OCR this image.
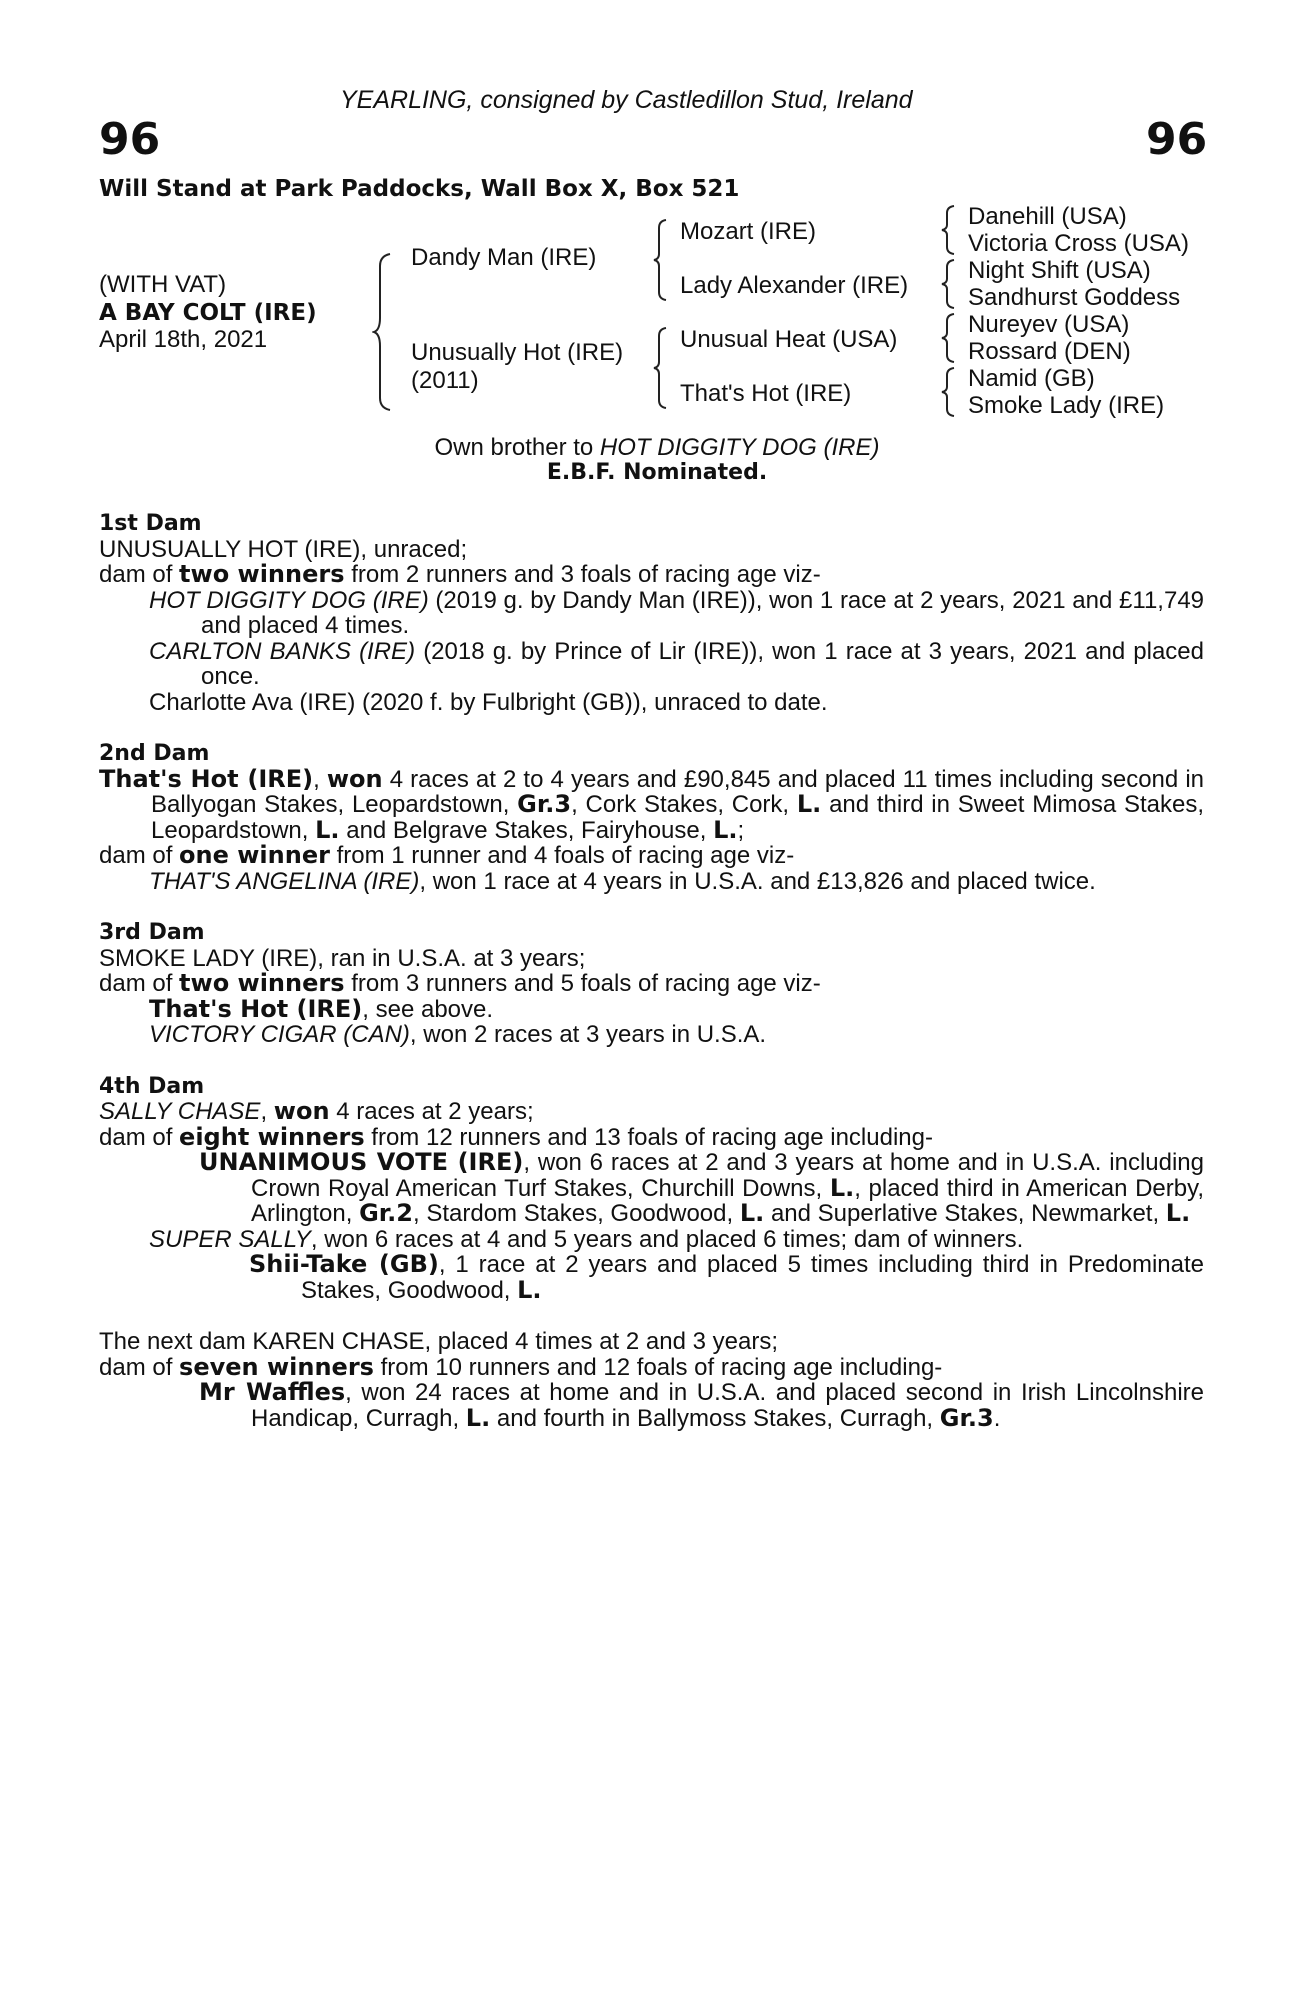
YEARLING, consigned by Castledillon Stud, Ireland
96	96
Will Stand at Park Paddocks, Wall Box X, Box 521
(WITH VAT)
A BAY COLT (IRE)
April 18th, 2021
Dandy Man (IRE)
Unusually Hot (IRE)
(2011)
Mozart (IRE)
Lady Alexander (IRE)
Unusual Heat (USA)
That's Hot (IRE)
Danehill (USA)
Victoria Cross (USA)
Night Shift (USA)
Sandhurst Goddess
Nureyev (USA)
Rossard (DEN)
Namid (GB)
Smoke Lady (IRE)
Own brother to HOT DIGGITY DOG (IRE)
E.B.F. Nominated.

1st Dam

UNUSUALLY HOT (IRE), unraced;

dam of two winners from 2 runners and 3 foals of racing age viz-

HOT DIGGITY DOG (IRE) (2019 g. by Dandy Man (IRE)), won 1 race at 2 years, 2021 and £11,749 and placed 4 times.

CARLTON BANKS (IRE) (2018 g. by Prince of Lir (IRE)), won 1 race at 3 years, 2021 and placed once.

Charlotte Ava (IRE) (2020 f. by Fulbright (GB)), unraced to date.

2nd Dam

That's Hot (IRE), won 4 races at 2 to 4 years and £90,845 and placed 11 times including second in Ballyogan Stakes, Leopardstown, Gr.3, Cork Stakes, Cork, L. and third in Sweet Mimosa Stakes, Leopardstown, L. and Belgrave Stakes, Fairyhouse, L.;

dam of one winner from 1 runner and 4 foals of racing age viz-

THAT'S ANGELINA (IRE), won 1 race at 4 years in U.S.A. and £13,826 and placed twice.

3rd Dam

SMOKE LADY (IRE), ran in U.S.A. at 3 years;

dam of two winners from 3 runners and 5 foals of racing age viz-

That's Hot (IRE), see above.

VICTORY CIGAR (CAN), won 2 races at 3 years in U.S.A.

4th Dam

SALLY CHASE, won 4 races at 2 years;

dam of eight winners from 12 runners and 13 foals of racing age including-

UNANIMOUS VOTE (IRE), won 6 races at 2 and 3 years at home and in U.S.A. including Crown Royal American Turf Stakes, Churchill Downs, L., placed third in American Derby, Arlington, Gr.2, Stardom Stakes, Goodwood, L. and Superlative Stakes, Newmarket, L.

SUPER SALLY, won 6 races at 4 and 5 years and placed 6 times; dam of winners.

Shii-Take (GB), 1 race at 2 years and placed 5 times including third in Predominate Stakes, Goodwood, L.

The next dam KAREN CHASE, placed 4 times at 2 and 3 years;

dam of seven winners from 10 runners and 12 foals of racing age including-

Mr Waffles, won 24 races at home and in U.S.A. and placed second in Irish Lincolnshire Handicap, Curragh, L. and fourth in Ballymoss Stakes, Curragh, Gr.3.
